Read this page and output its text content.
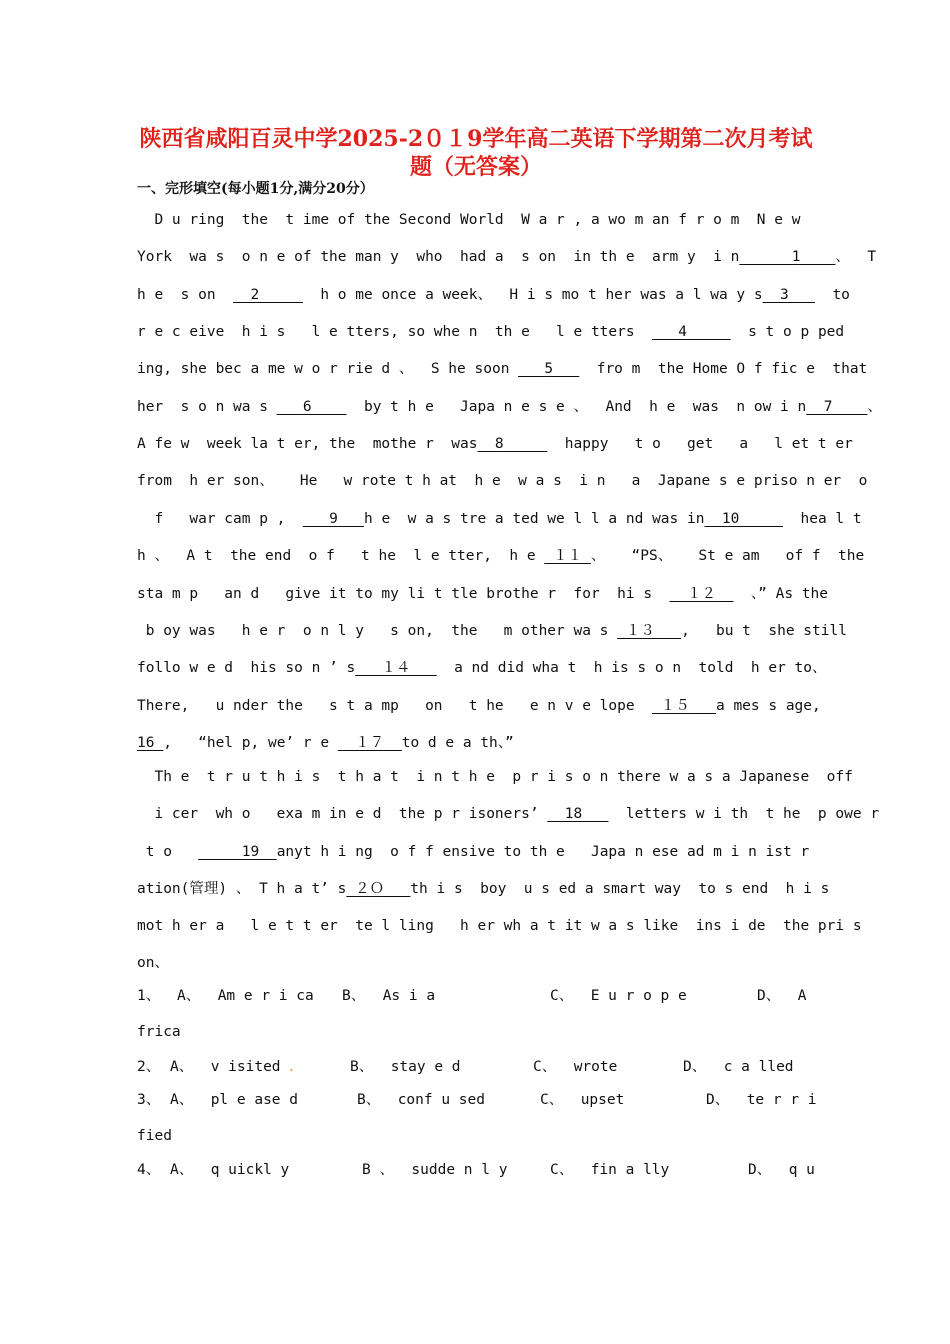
陕西省咸阳百灵中学2025-2０１9学年高二英语下学期第二次月考试
题（无答案）
一、完形填空(每小题1分,满分20分）
D u ring  the  t ime of the Second World  W a r , a wo m an f r o m  N e w
York  wa s  o n e of the man y  who  had a  s on  in th e  arm y  i n______1____、  T
h e  s on  __2_____  h o me once a week、  H i s mo t her was a l wa y s__3___  to
r e c eive  h i s   l e tters, so whe n  th e   l e tters  ___4_____  s t o p ped
ing, she bec a me w o r rie d 、  S he soon ___5___  fro m  the Home O f fic e  that
her  s o n wa s ___6____  by t h e   Japa n e s e 、  And  h e  was  n ow i n__7____、
A fe w  week la t er, the  mothe r  was__8_____  happy   t o   get   a   l et t er
from  h er son、   He   w rote t h at  h e  w a s  i n   a  Japane s e priso n er  o
f   war cam p ,  ___9___h e  w a s tre a ted we l l a nd was in__10_____  hea l t
h 、  A t  the end  o f   t he  l e tter,  h e _１１_、   “PS、   St e am   of f  the
sta m p   an d   give it to my li t tle brothe r  for  hi s  __１２__  、” As the
b oy was   h e r  o n l y   s on,  the   m other wa s _１３___,   bu t  she still
follo w e d  his so n ’ s___１４___  a nd did wha t  h is s o n  told  h er to、
There,   u nder the   s t a mp   on   t he   e n v e lope  _１５___a mes s age,
16_,   “hel p, we’ r e __１７__to d e a th、”
Th e  t r u t h i s  t h a t  i n t h e  p r i s o n there w a s a Japanese  off
i cer  wh o   exa m in e d  the p r isoners’ __18___  letters w i th  t he  p owe r
t o   _____19__anyt h i ng  o f f ensive to th e   Japa n ese ad m i n ist r
ation(管理) 、 T h a t’ s_２Ｏ___th i s  boy  u s ed a smart way  to s end  h i s
mot h er a   l e t t er  te l ling   h er wh a t it w a s like  ins i de  the pri s
on、
1、 A、  Am e r i ca B、  As i a	C、  E u r o p e	D、  A
frica
2、 A、  v isited	B、  stay e d	C、  wrote	D、  c a lled
3、 A、  pl e ase d	B、  conf u sed	C、  upset	D、  te r r i
fied
4、 A、  q uickl y	B 、  sudde n l y	C、  fin a lly	D、  q u
.
